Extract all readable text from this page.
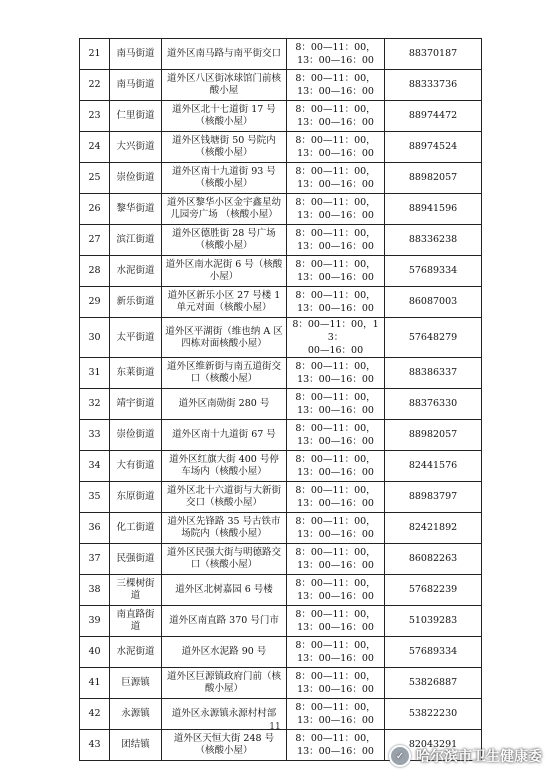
21	南马街道	道外区南马路与南平街交口	8：00—11：00，
13：00—16：00	88370187
22	南马街道	道外区八区街冰球馆门前核酸小屋	8：00—11：00，
13：00—16：00	88333736
23	仁里街道	道外区北十七道街 17 号（核酸小屋）	8：00—11：00，
13：00—16：00	88974472
24	大兴街道	道外区钱塘街 50 号院内（核酸小屋）	8：00—11：00，
13：00—16：00	88974524
25	崇俭街道	道外区南十九道街 93 号（核酸小屋）	8：00—11：00，
13：00—16：00	88982057
26	黎华街道	道外区黎华小区金宇鑫星幼儿园旁广场 （核酸小屋）	8：00—11：00，
13：00—16：00	88941596
27	滨江街道	道外区德胜街 28 号广场（核酸小屋）	8：00—11：00，
13：00—16：00	88336238
28	水泥街道	道外区南水泥街 6 号（核酸小屋）	8：00—11：00，
13：00—16：00	57689334
29	新乐街道	道外区新乐小区 27 号楼 1 单元对面（核酸小屋）	8：00—11：00，
13：00—16：00	86087003
30	太平街道	道外区平湖街（维也纳 A 区四栋对面核酸小屋）	8：00—11：00，13：
00—16：00	57648279
31	东莱街道	道外区维新街与南五道街交口（核酸小屋）	8：00—11：00，
13：00—16：00	88386337
32	靖宇街道	道外区南勋街 280 号	8：00—11：00，
13：00—16：00	88376330
33	崇俭街道	道外区南十九道街 67 号	8：00—11：00，
13：00—16：00	88982057
34	大有街道	道外区红旗大街 400 号停车场内（核酸小屋）	8：00—11：00，
13：00—16：00	82441576
35	东原街道	道外区北十六道街与大新街交口（核酸小屋）	8：00—11：00，
13：00—16：00	88983797
36	化工街道	道外区先锋路 35 号古铁市场院内（核酸小屋）	8：00—11：00，
13：00—16：00	82421892
37	民强街道	道外区民强大街与明德路交口（核酸小屋）	8：00—11：00，
13：00—16：00	86082263
38	三棵树街道	道外区北树嘉园 6 号楼	8：00—11：00，
13：00—16：00	57682239
39	南直路街道	道外区南直路 370 号门市	8：00—11：00，
13：00—16：00	51039283
40	水泥街道	道外区水泥路 90 号	8：00—11：00，
13：00—16：00	57689334
41	巨源镇	道外区巨源镇政府门前（核酸小屋）	8：00—11：00，
13：00—16：00	53826887
42	永源镇	道外区永源镇永源村村部	8：00—11：00，
13：00—16：00	53822230
43	团结镇	道外区天恒大街 248 号（核酸小屋）	8：00—11：00，
13：00—16：00	82043291
11
✓ 哈尔滨市卫生健康委
